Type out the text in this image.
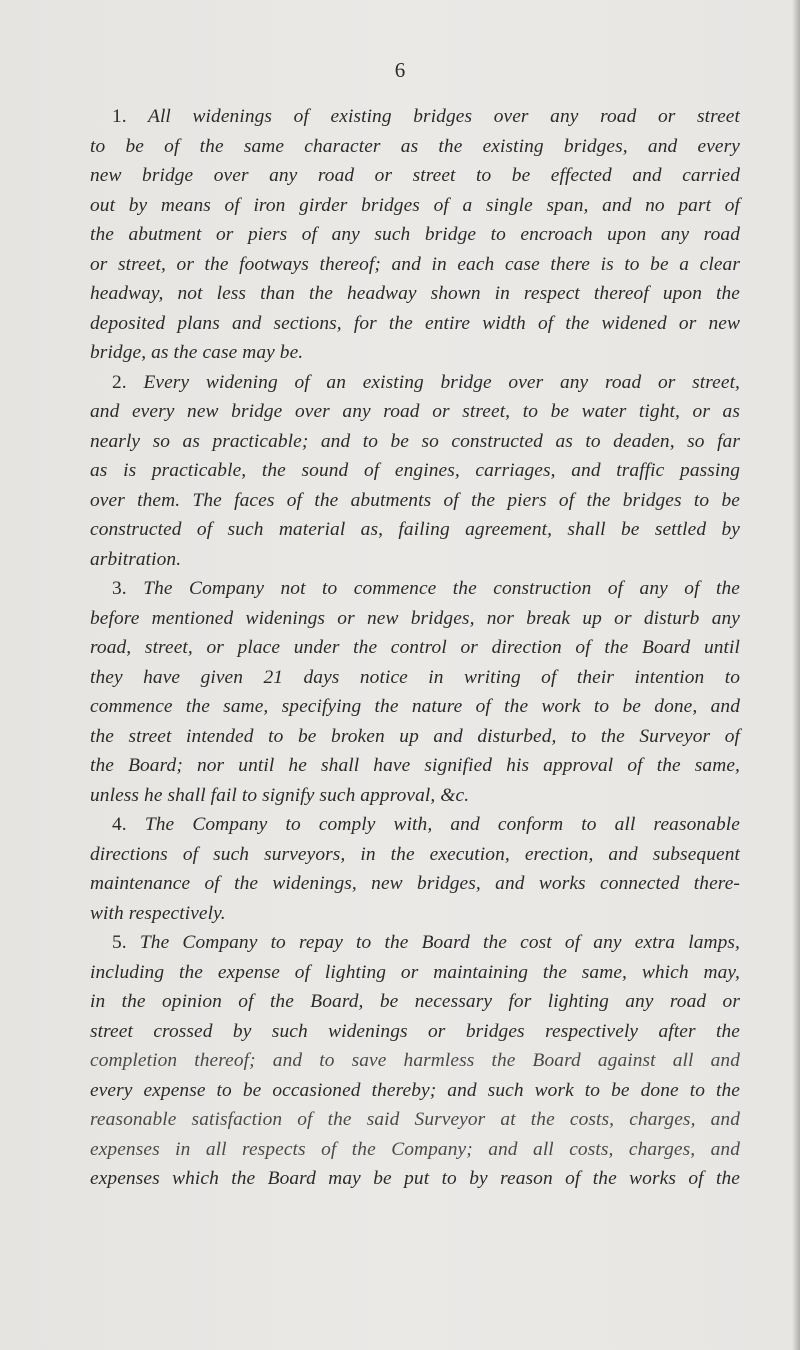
6
1. All widenings of existing bridges over any road or street
to be of the same character as the existing bridges, and every
new bridge over any road or street to be effected and carried
out by means of iron girder bridges of a single span, and no part of
the abutment or piers of any such bridge to encroach upon any road
or street, or the footways thereof; and in each case there is to be a clear
headway, not less than the headway shown in respect thereof upon the
deposited plans and sections, for the entire width of the widened or new
bridge, as the case may be.
2. Every widening of an existing bridge over any road or street,
and every new bridge over any road or street, to be water tight, or as
nearly so as practicable; and to be so constructed as to deaden, so far
as is practicable, the sound of engines, carriages, and traffic passing
over them. The faces of the abutments of the piers of the bridges to be
constructed of such material as, failing agreement, shall be settled by
arbitration.
3. The Company not to commence the construction of any of the
before mentioned widenings or new bridges, nor break up or disturb any
road, street, or place under the control or direction of the Board until
they have given 21 days notice in writing of their intention to
commence the same, specifying the nature of the work to be done, and
the street intended to be broken up and disturbed, to the Surveyor of
the Board; nor until he shall have signified his approval of the same,
unless he shall fail to signify such approval, &c.
4. The Company to comply with, and conform to all reasonable
directions of such surveyors, in the execution, erection, and subsequent
maintenance of the widenings, new bridges, and works connected there-
with respectively.
5. The Company to repay to the Board the cost of any extra lamps,
including the expense of lighting or maintaining the same, which may,
in the opinion of the Board, be necessary for lighting any road or
street crossed by such widenings or bridges respectively after the
completion thereof; and to save harmless the Board against all and
every expense to be occasioned thereby; and such work to be done to the
reasonable satisfaction of the said Surveyor at the costs, charges, and
expenses in all respects of the Company; and all costs, charges, and
expenses which the Board may be put to by reason of the works of the
